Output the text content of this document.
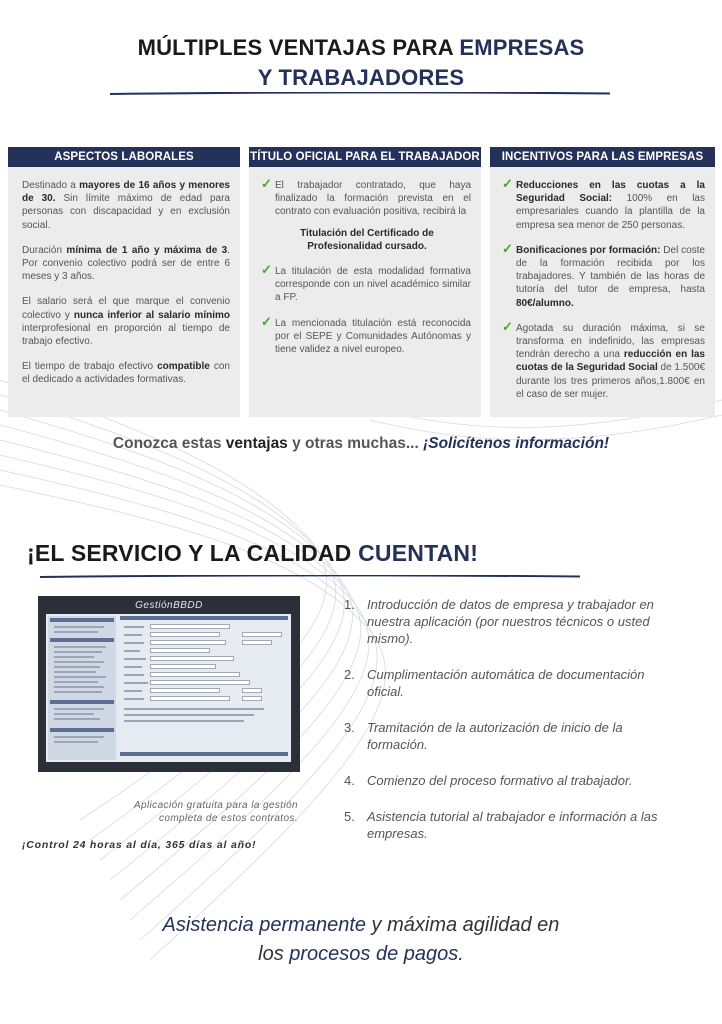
MÚLTIPLES VENTAJAS PARA EMPRESAS
Y TRABAJADORES
ASPECTOS LABORALES

Destinado a mayores de 16 años y menores de 30. Sin límite máximo de edad para personas con discapacidad y en exclusión social.

Duración mínima de 1 año y máxima de 3. Por convenio colectivo podrá ser de entre 6 meses y 3 años.

El salario será el que marque el convenio colectivo y nunca inferior al salario mínimo interprofesional en proporción al tiempo de trabajo efectivo.

El tiempo de trabajo efectivo compatible con el dedicado a actividades formativas.

TÍTULO OFICIAL PARA EL TRABAJADOR
✓ El trabajador contratado, que haya finalizado la formación prevista en el contrato con evaluación positiva, recibirá la
Titulación del Certificado de Profesionalidad cursado.
✓ La titulación de esta modalidad formativa corresponde con un nivel académico similar a FP.
✓ La mencionada titulación está reconocida por el SEPE y Comunidades Autónomas y tiene validez a nivel europeo.
INCENTIVOS PARA LAS EMPRESAS
✓ Reducciones en las cuotas a la Seguridad Social: 100% en las empresariales cuando la plantilla de la empresa sea menor de 250 personas.
✓ Bonificaciones por formación: Del coste de la formación recibida por los trabajadores. Y también de las horas de tutoría del tutor de empresa, hasta 80€/alumno.
✓ Agotada su duración máxima, si se transforma en indefinido, las empresas tendrán derecho a una reducción en las cuotas de la Seguridad Social de 1.500€ durante los tres primeros años,1.800€ en el caso de ser mujer.
Conozca estas ventajas y otras muchas... ¡Solicítenos información!
¡EL SERVICIO Y LA CALIDAD CUENTAN!
GestiónBBDD
Aplicación gratuita para la gestión
completa de estos contratos.
¡Control 24 horas al día, 365 días al año!
1. Introducción de datos de empresa y trabajador en nuestra aplicación (por nuestros técnicos o usted mismo).
2. Cumplimentación automática de documentación oficial.
3. Tramitación de la autorización de inicio de la formación.
4. Comienzo del proceso formativo al trabajador.
5. Asistencia tutorial al trabajador e información a las empresas.
Asistencia permanente y máxima agilidad en
los procesos de pagos.
